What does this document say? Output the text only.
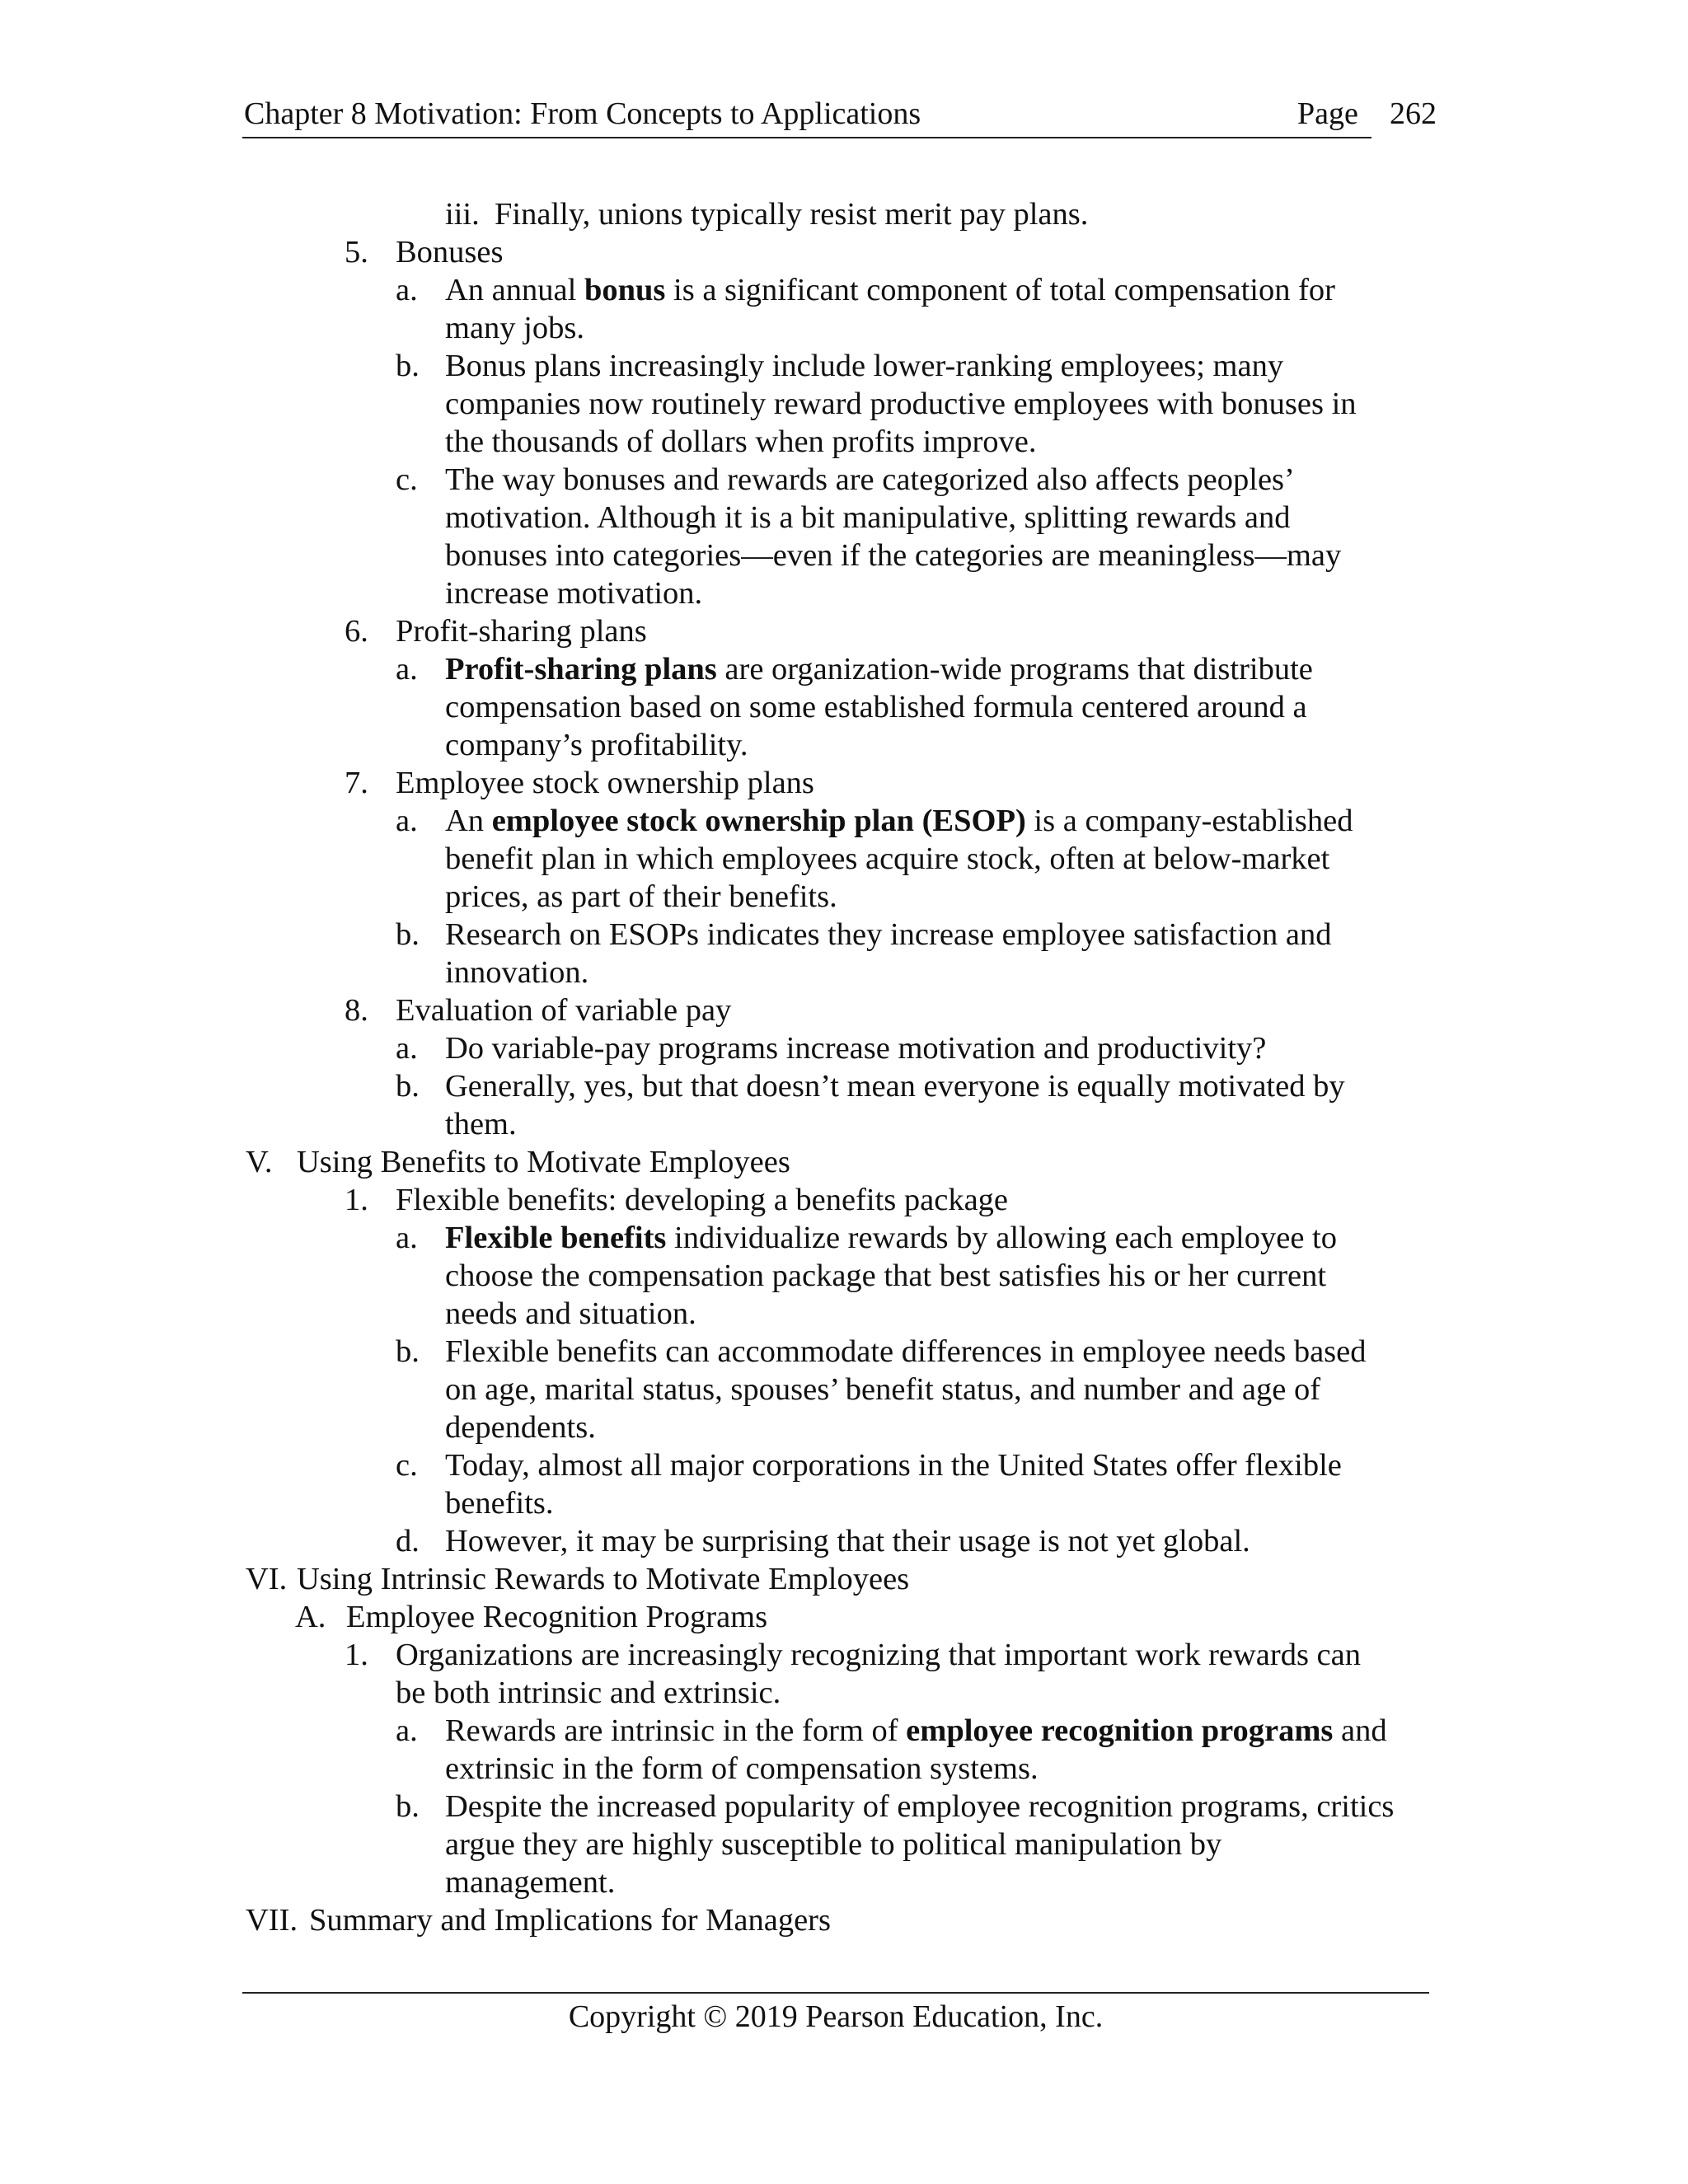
Chapter 8 Motivation: From Concepts to Applications	Page 262
iii. Finally, unions typically resist merit pay plans.
5. Bonuses
a. An annual bonus is a significant component of total compensation for
many jobs.
b. Bonus plans increasingly include lower-ranking employees; many
companies now routinely reward productive employees with bonuses in
the thousands of dollars when profits improve.
c. The way bonuses and rewards are categorized also affects peoples’
motivation. Although it is a bit manipulative, splitting rewards and
bonuses into categories—even if the categories are meaningless—may
increase motivation.
6. Profit-sharing plans
a. Profit-sharing plans are organization-wide programs that distribute
compensation based on some established formula centered around a
company’s profitability.
7. Employee stock ownership plans
a. An employee stock ownership plan (ESOP) is a company-established
benefit plan in which employees acquire stock, often at below-market
prices, as part of their benefits.
b. Research on ESOPs indicates they increase employee satisfaction and
innovation.
8. Evaluation of variable pay
a. Do variable-pay programs increase motivation and productivity?
b. Generally, yes, but that doesn’t mean everyone is equally motivated by
them.
V. Using Benefits to Motivate Employees
1. Flexible benefits: developing a benefits package
a. Flexible benefits individualize rewards by allowing each employee to
choose the compensation package that best satisfies his or her current
needs and situation.
b. Flexible benefits can accommodate differences in employee needs based
on age, marital status, spouses’ benefit status, and number and age of
dependents.
c. Today, almost all major corporations in the United States offer flexible
benefits.
d. However, it may be surprising that their usage is not yet global.
VI. Using Intrinsic Rewards to Motivate Employees
A. Employee Recognition Programs
1. Organizations are increasingly recognizing that important work rewards can
be both intrinsic and extrinsic.
a. Rewards are intrinsic in the form of employee recognition programs and
extrinsic in the form of compensation systems.
b. Despite the increased popularity of employee recognition programs, critics
argue they are highly susceptible to political manipulation by
management.
VII. Summary and Implications for Managers
Copyright © 2019 Pearson Education, Inc.
